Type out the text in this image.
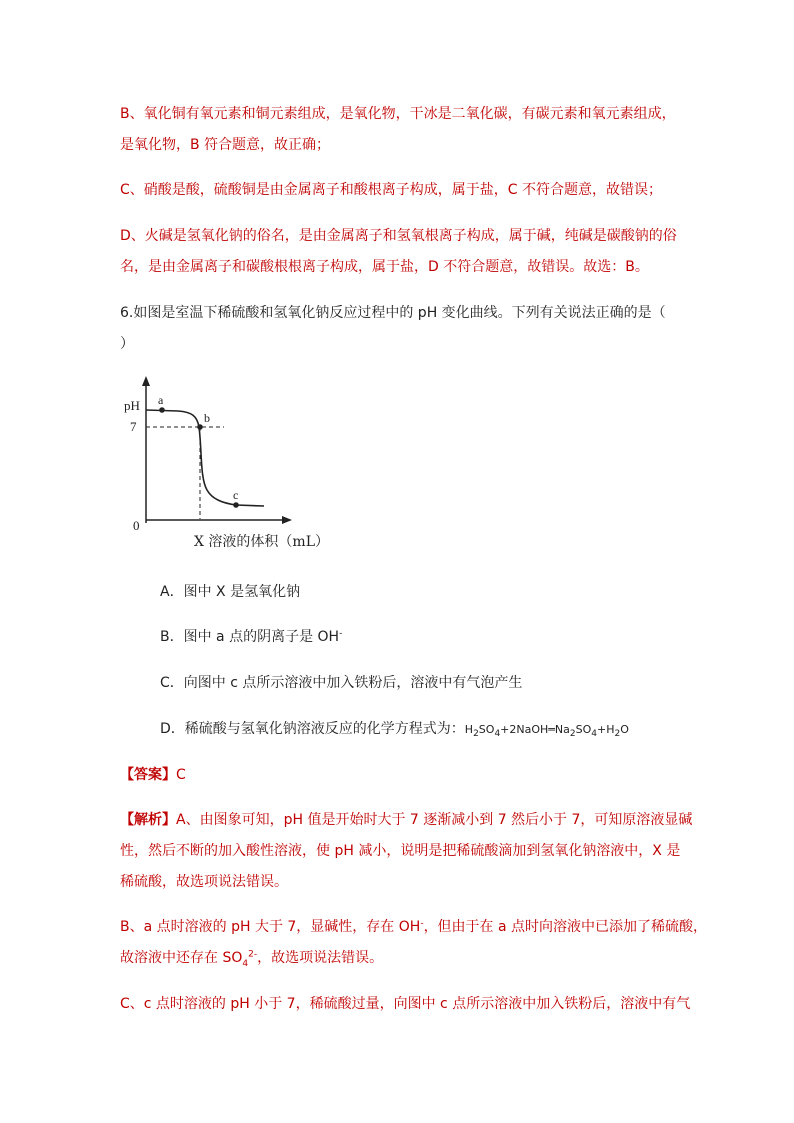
B、氧化铜有氧元素和铜元素组成，是氧化物，干冰是二氧化碳，有碳元素和氧元素组成，
是氧化物，B 符合题意，故正确；
C、硝酸是酸，硫酸铜是由金属离子和酸根离子构成，属于盐，C 不符合题意，故错误；
D、火碱是氢氧化钠的俗名，是由金属离子和氢氧根离子构成，属于碱，纯碱是碳酸钠的俗
名，是由金属离子和碳酸根根离子构成，属于盐，D 不符合题意，故错误。故选：B。
6.如图是室温下稀硫酸和氢氧化钠反应过程中的 pH 变化曲线。下列有关说法正确的是（
）
pH
7
0
a
b
c
X 溶液的体积（mL）
A．图中 X 是氢氧化钠
B．图中 a 点的阴离子是 OH-
C．向图中 c 点所示溶液中加入铁粉后，溶液中有气泡产生
D．稀硫酸与氢氧化钠溶液反应的化学方程式为：$H_2SO_4+2NaOH═Na_2SO_4+H_2O$
【答案】C
【解析】A、由图象可知，pH 值是开始时大于 7 逐渐减小到 7 然后小于 7，可知原溶液显碱
性，然后不断的加入酸性溶液，使 pH 减小，说明是把稀硫酸滴加到氢氧化钠溶液中，X 是
稀硫酸，故选项说法错误。
B、a 点时溶液的 pH 大于 7，显碱性，存在 OH-，但由于在 a 点时向溶液中已添加了稀硫酸，
故溶液中还存在 $SO_4^{2-}$，故选项说法错误。
C、c 点时溶液的 pH 小于 7，稀硫酸过量，向图中 c 点所示溶液中加入铁粉后，溶液中有气
